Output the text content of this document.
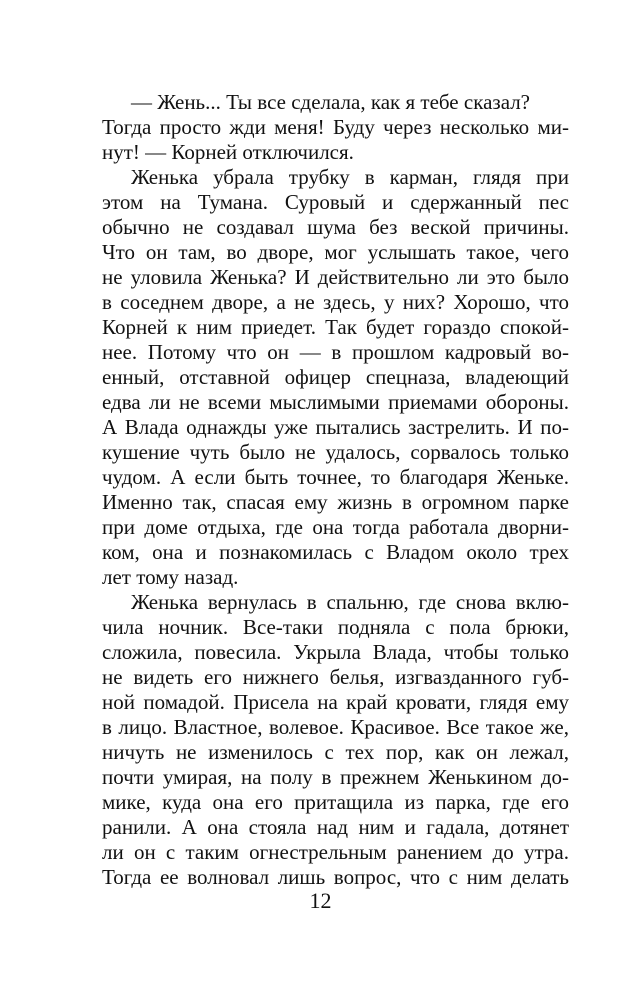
— Жень... Ты все сделала, как я тебе сказал?
Тогда просто жди меня! Буду через несколько ми-
нут! — Корней отключился.
Женька убрала трубку в карман, глядя при
этом на Тумана. Суровый и сдержанный пес
обычно не создавал шума без веской причины.
Что он там, во дворе, мог услышать такое, чего
не уловила Женька? И действительно ли это было
в соседнем дворе, а не здесь, у них? Хорошо, что
Корней к ним приедет. Так будет гораздо спокой-
нее. Потому что он — в прошлом кадровый во-
енный, отставной офицер спецназа, владеющий
едва ли не всеми мыслимыми приемами обороны.
А Влада однажды уже пытались застрелить. И по-
кушение чуть было не удалось, сорвалось только
чудом. А если быть точнее, то благодаря Женьке.
Именно так, спасая ему жизнь в огромном парке
при доме отдыха, где она тогда работала дворни-
ком, она и познакомилась с Владом около трех
лет тому назад.
Женька вернулась в спальню, где снова вклю-
чила ночник. Все-таки подняла с пола брюки,
сложила, повесила. Укрыла Влада, чтобы только
не видеть его нижнего белья, изгвазданного губ-
ной помадой. Присела на край кровати, глядя ему
в лицо. Властное, волевое. Красивое. Все такое же,
ничуть не изменилось с тех пор, как он лежал,
почти умирая, на полу в прежнем Женькином до-
мике, куда она его притащила из парка, где его
ранили. А она стояла над ним и гадала, дотянет
ли он с таким огнестрельным ранением до утра.
Тогда ее волновал лишь вопрос, что с ним делать
12
